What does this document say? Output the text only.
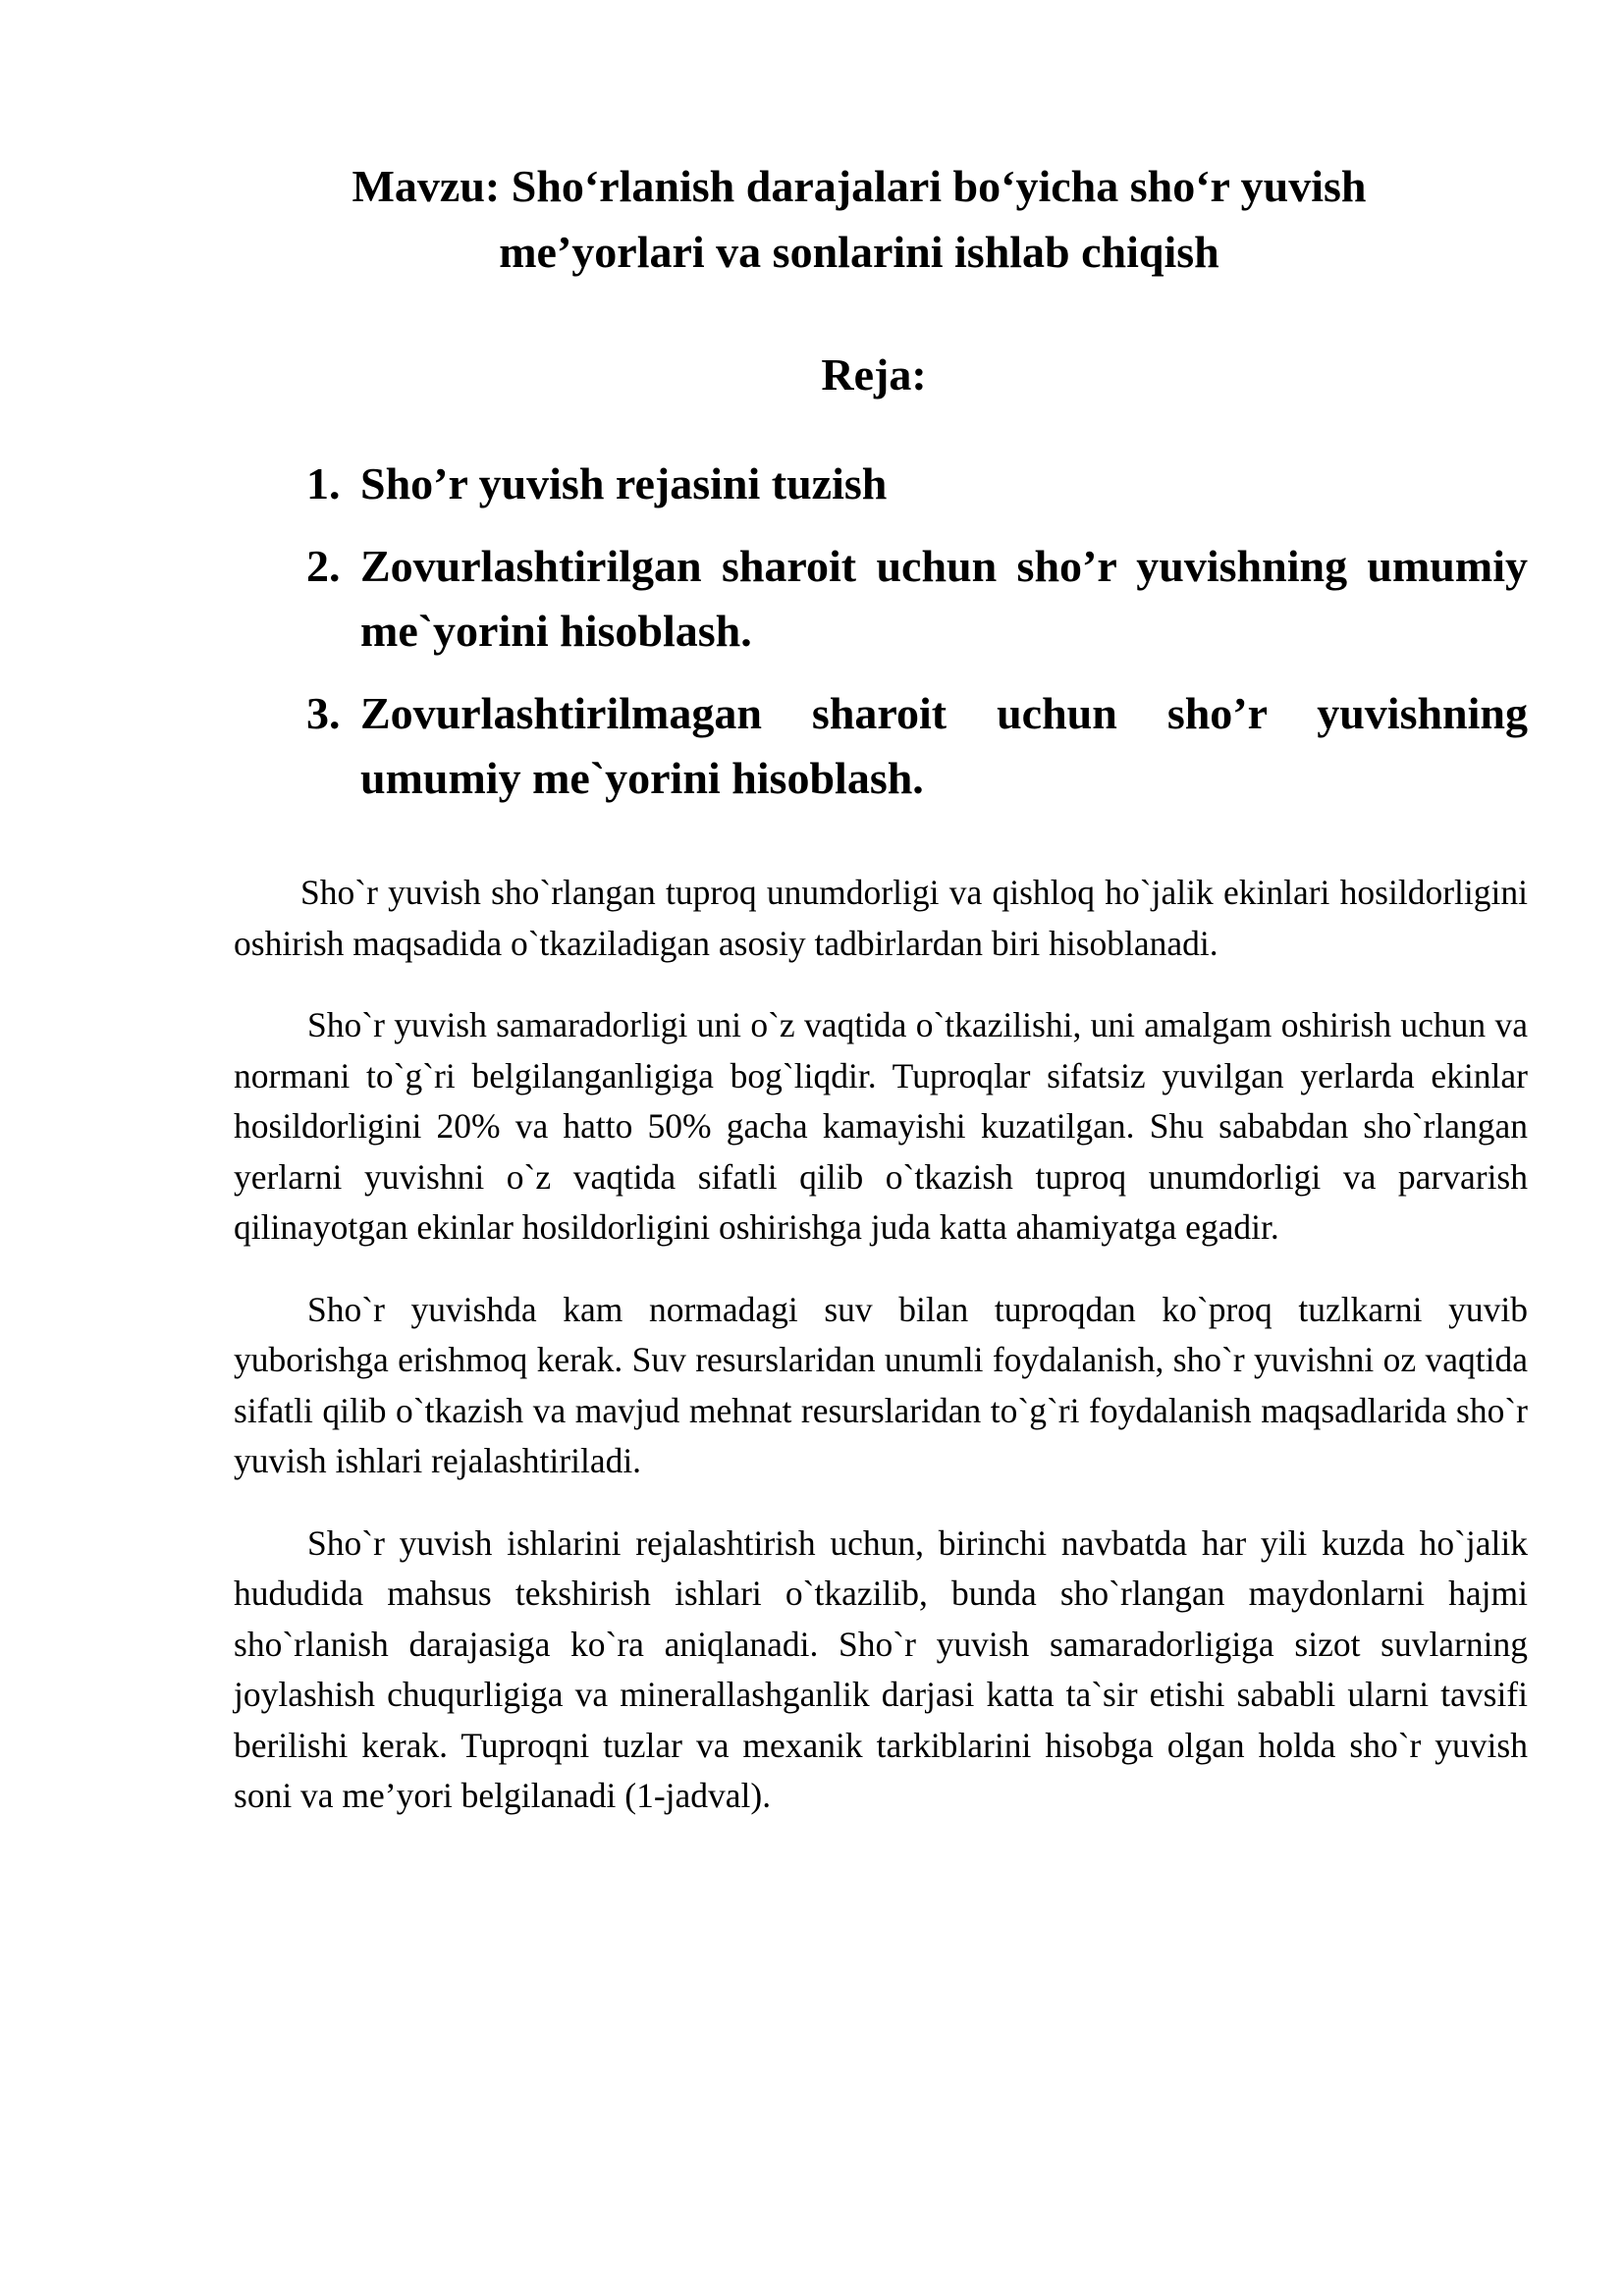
Mavzu: Sho‘rlanish darajalari bo‘yicha sho‘r yuvish
me’yorlari va sonlarini ishlab chiqish
Reja:
1. Sho’r yuvish rejasini tuzish
2. Zovurlashtirilgan sharoit uchun sho’r yuvishning umumiy me`yorini hisoblash.
3. Zovurlashtirilmagan sharoit uchun sho’r yuvishning umumiy me`yorini hisoblash.

Sho`r yuvish sho`rlangan tuproq unumdorligi va qishloq ho`jalik ekinlari hosildorligini oshirish maqsadida o`tkaziladigan asosiy tadbirlardan biri hisoblanadi.

Sho`r yuvish samaradorligi uni o`z vaqtida o`tkazilishi, uni amalgam oshirish uchun va normani to`g`ri belgilanganligiga bog`liqdir. Tuproqlar sifatsiz yuvilgan yerlarda ekinlar hosildorligini 20% va hatto 50% gacha kamayishi kuzatilgan. Shu sababdan sho`rlangan yerlarni yuvishni o`z vaqtida sifatli qilib o`tkazish tuproq unumdorligi va parvarish qilinayotgan ekinlar hosildorligini oshirishga juda katta ahamiyatga egadir.

Sho`r yuvishda kam normadagi suv bilan tuproqdan ko`proq tuzlkarni yuvib yuborishga erishmoq kerak. Suv resurslaridan unumli foydalanish, sho`r yuvishni oz vaqtida sifatli qilib o`tkazish va mavjud mehnat resurslaridan to`g`ri foydalanish maqsadlarida sho`r yuvish ishlari rejalashtiriladi.

Sho`r yuvish ishlarini rejalashtirish uchun, birinchi navbatda har yili kuzda ho`jalik hududida mahsus tekshirish ishlari o`tkazilib, bunda sho`rlangan maydonlarni hajmi sho`rlanish darajasiga ko`ra aniqlanadi. Sho`r yuvish samaradorligiga sizot suvlarning joylashish chuqurligiga va minerallashganlik darjasi katta ta`sir etishi sababli ularni tavsifi berilishi kerak. Tuproqni tuzlar va mexanik tarkiblarini hisobga olgan holda sho`r yuvish soni va me’yori belgilanadi (1-jadval).
